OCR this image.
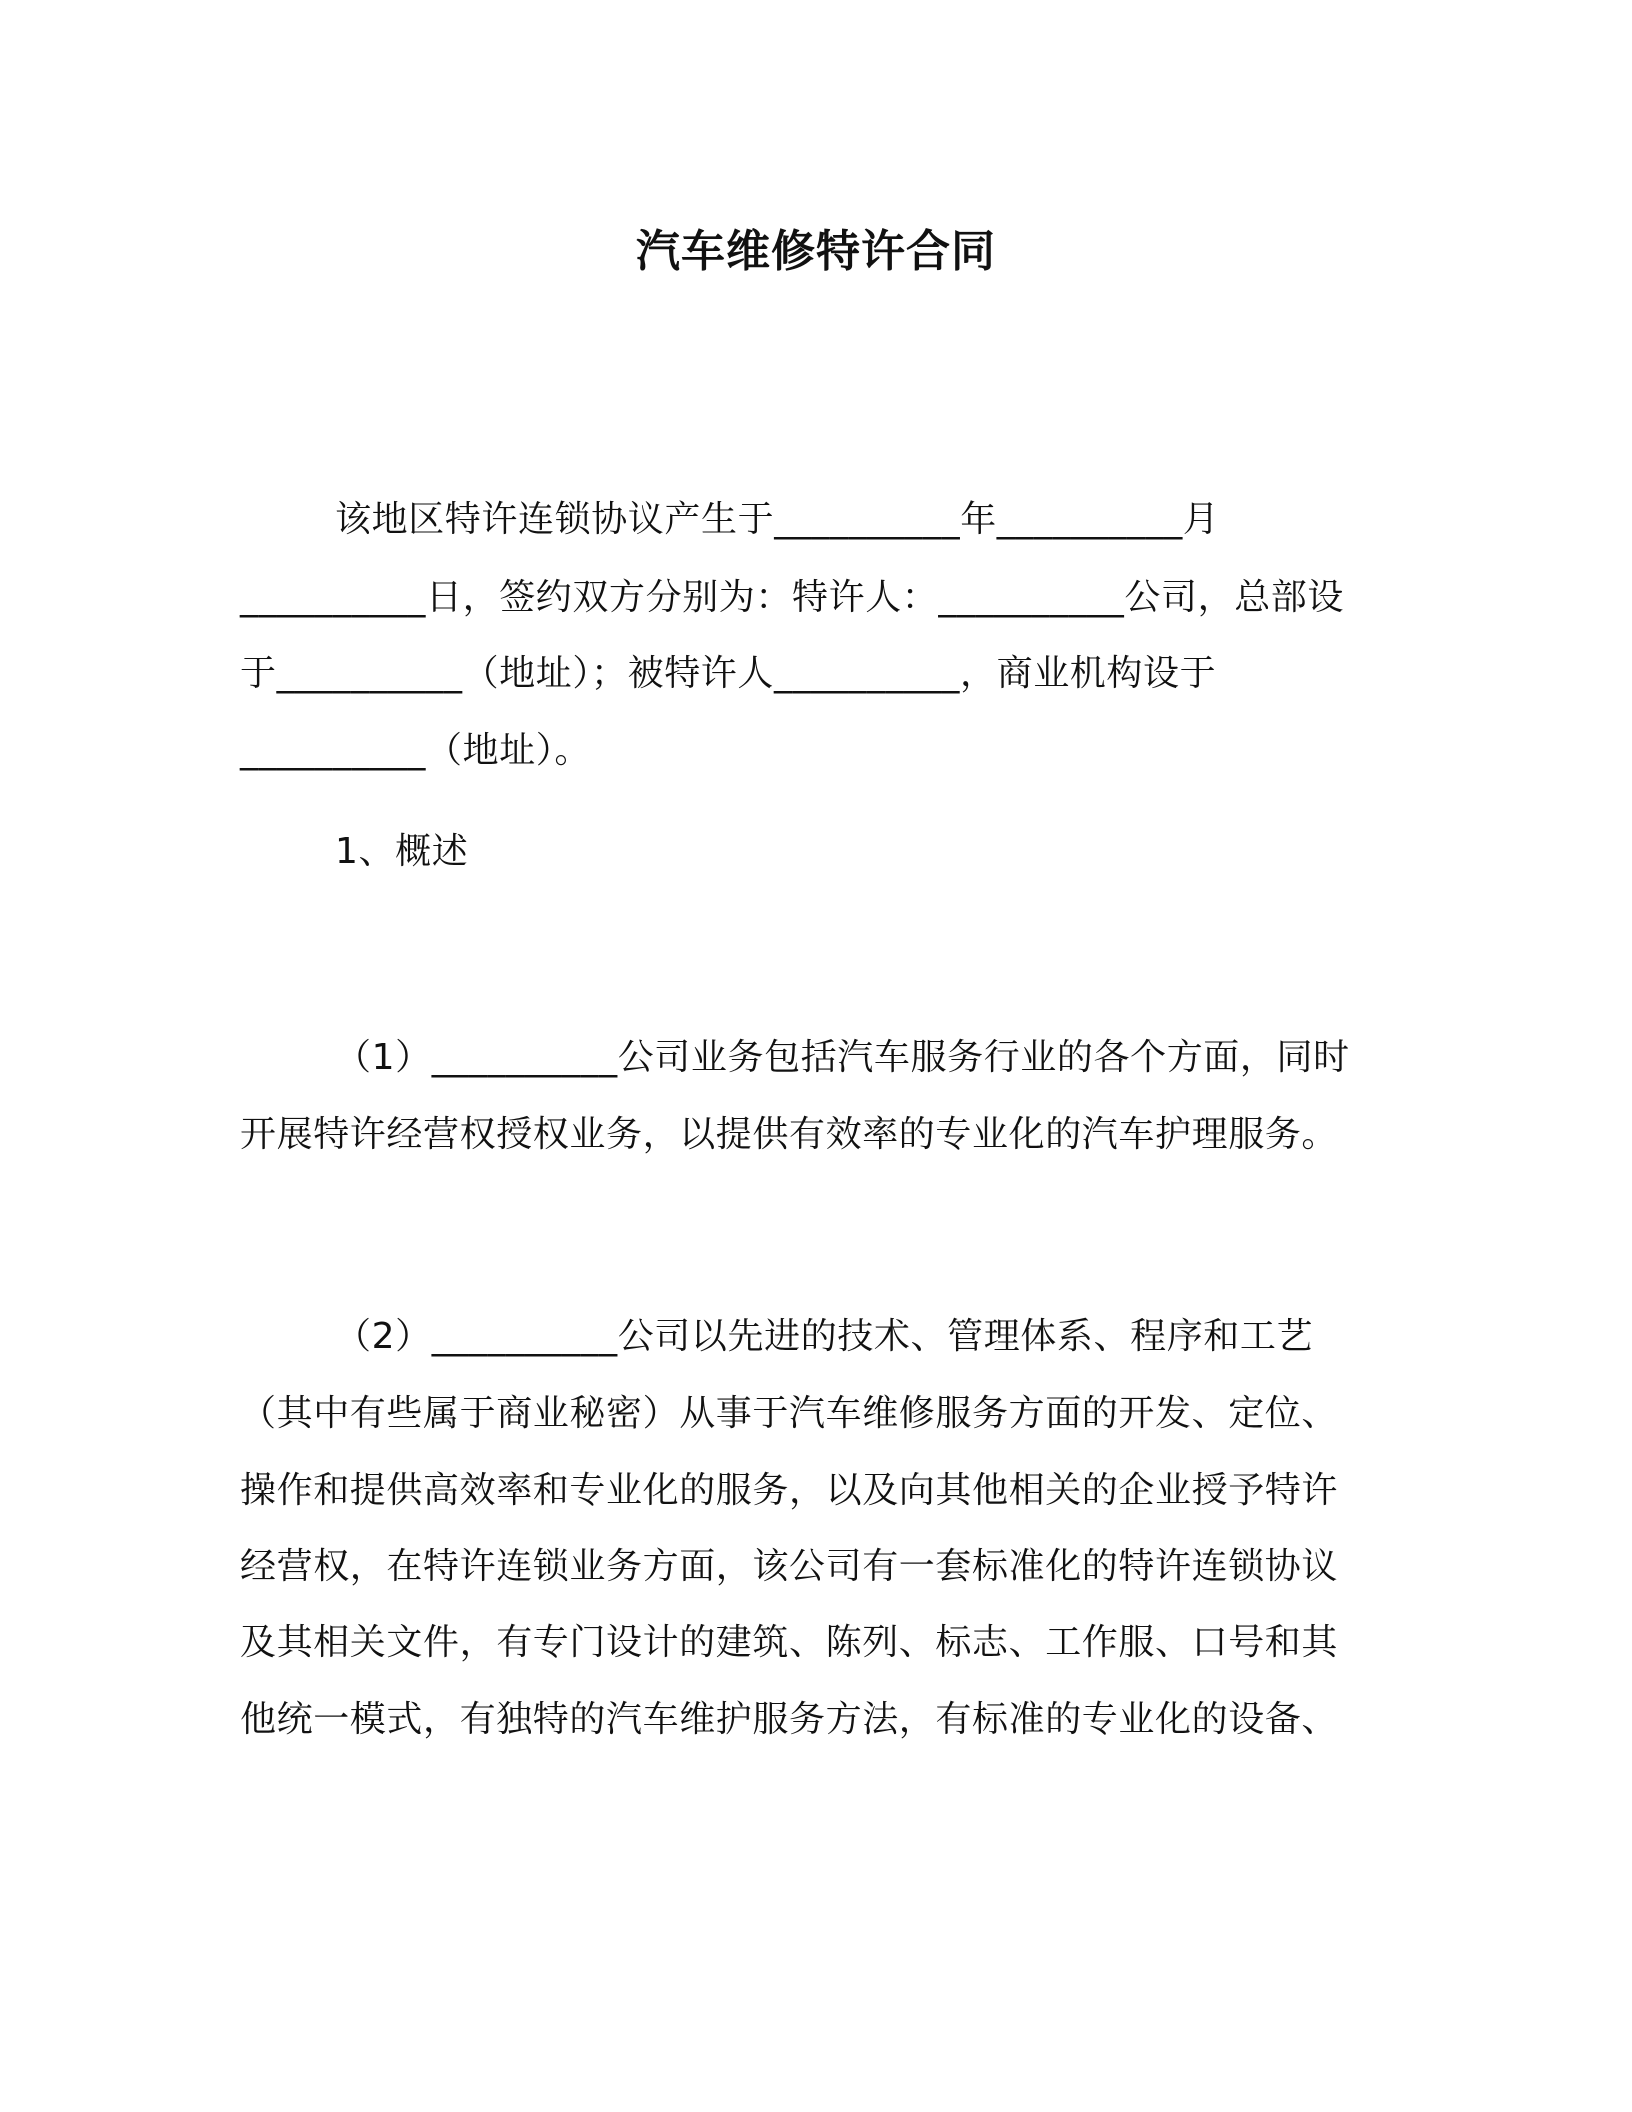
汽车维修特许合同
该地区特许连锁协议产生于__________年__________月
__________日，签约双方分别为：特许人：__________公司，总部设
于__________（地址）；被特许人__________，商业机构设于
__________（地址）。
1、概述
（1）__________公司业务包括汽车服务行业的各个方面，同时
开展特许经营权授权业务，以提供有效率的专业化的汽车护理服务。
（2）__________公司以先进的技术、管理体系、程序和工艺
（其中有些属于商业秘密）从事于汽车维修服务方面的开发、定位、
操作和提供高效率和专业化的服务，以及向其他相关的企业授予特许
经营权，在特许连锁业务方面，该公司有一套标准化的特许连锁协议
及其相关文件，有专门设计的建筑、陈列、标志、工作服、口号和其
他统一模式，有独特的汽车维护服务方法，有标准的专业化的设备、
